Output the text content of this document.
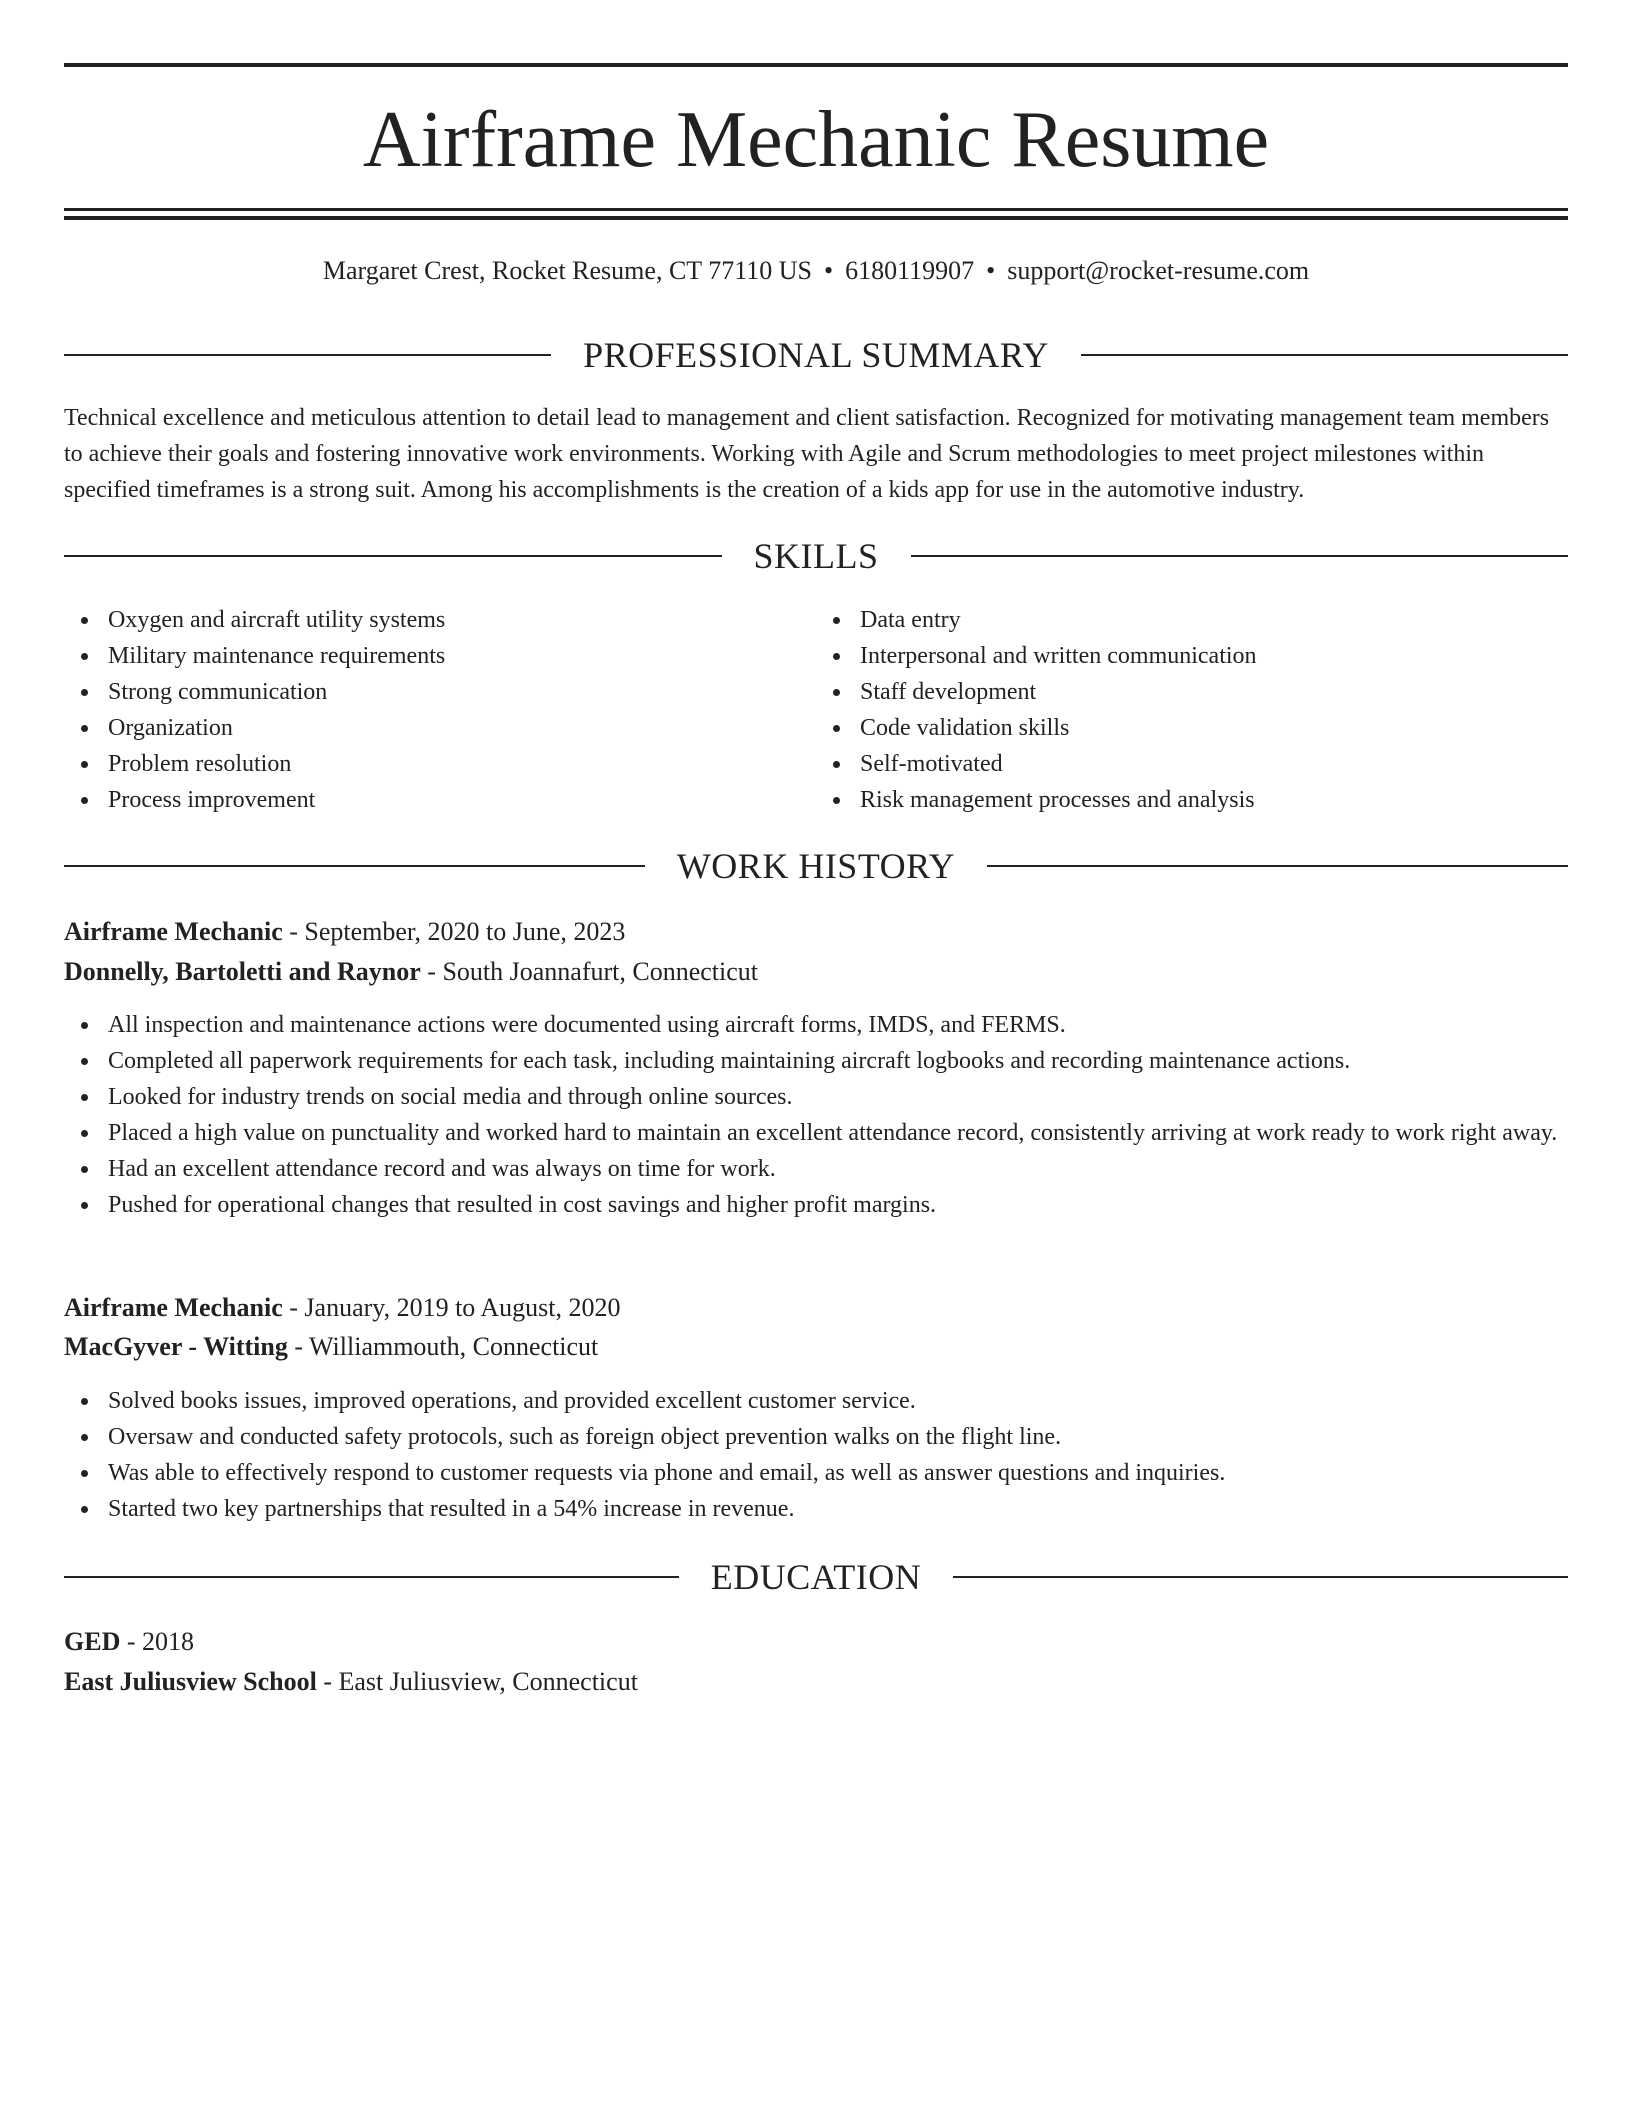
Airframe Mechanic Resume
Margaret Crest, Rocket Resume, CT 77110 US • 6180119907 • support@rocket-resume.com
PROFESSIONAL SUMMARY

Technical excellence and meticulous attention to detail lead to management and client satisfaction. Recognized for motivating management team members to achieve their goals and fostering innovative work environments. Working with Agile and Scrum methodologies to meet project milestones within specified timeframes is a strong suit. Among his accomplishments is the creation of a kids app for use in the automotive industry.

SKILLS
Oxygen and aircraft utility systems
Military maintenance requirements
Strong communication
Organization
Problem resolution
Process improvement
Data entry
Interpersonal and written communication
Staff development
Code validation skills
Self-motivated
Risk management processes and analysis
WORK HISTORY
Airframe Mechanic - September, 2020 to June, 2023
Donnelly, Bartoletti and Raynor - South Joannafurt, Connecticut
All inspection and maintenance actions were documented using aircraft forms, IMDS, and FERMS.
Completed all paperwork requirements for each task, including maintaining aircraft logbooks and recording maintenance actions.
Looked for industry trends on social media and through online sources.
Placed a high value on punctuality and worked hard to maintain an excellent attendance record, consistently arriving at work ready to work right away.
Had an excellent attendance record and was always on time for work.
Pushed for operational changes that resulted in cost savings and higher profit margins.
Airframe Mechanic - January, 2019 to August, 2020
MacGyver - Witting - Williammouth, Connecticut
Solved books issues, improved operations, and provided excellent customer service.
Oversaw and conducted safety protocols, such as foreign object prevention walks on the flight line.
Was able to effectively respond to customer requests via phone and email, as well as answer questions and inquiries.
Started two key partnerships that resulted in a 54% increase in revenue.
EDUCATION
GED - 2018
East Juliusview School - East Juliusview, Connecticut
